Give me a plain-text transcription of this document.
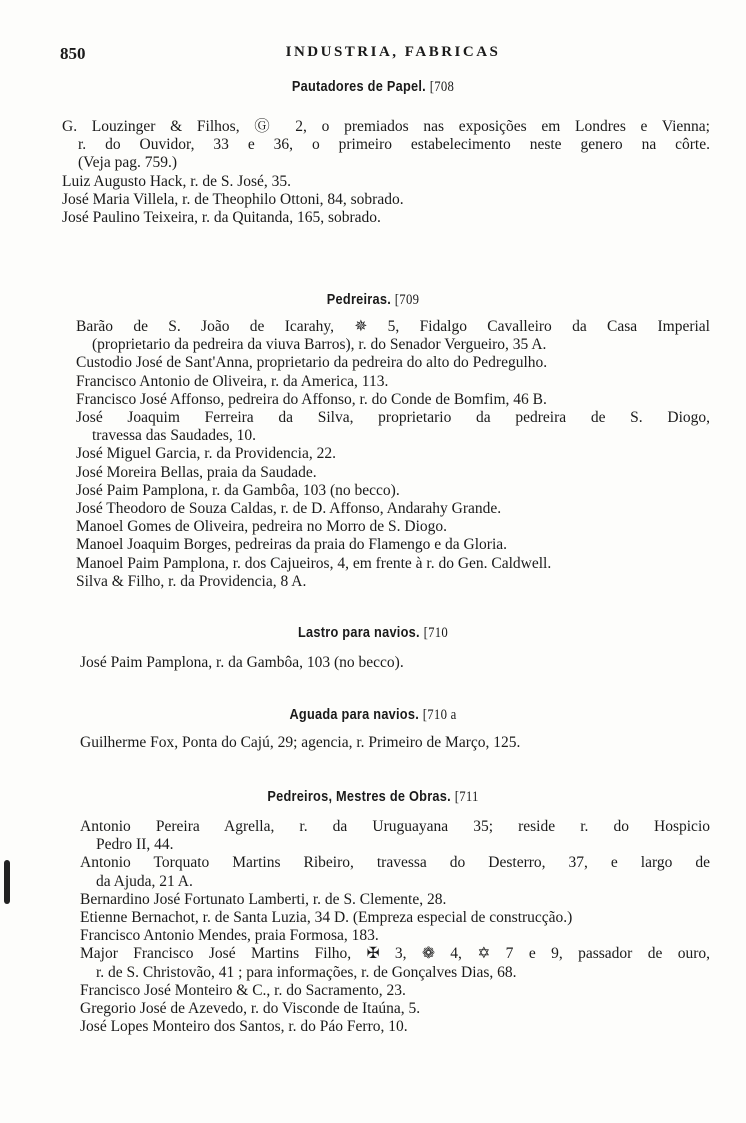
850	INDUSTRIA, FABRICAS
Pautadores de Papel. [708
G. Louzinger & Filhos, Ⓖ 2, o premiados nas exposições em Londres e Vienna;
r. do Ouvidor, 33 e 36, o primeiro estabelecimento neste genero na côrte.
(Veja pag. 759.)
Luiz Augusto Hack, r. de S. José, 35.
José Maria Villela, r. de Theophilo Ottoni, 84, sobrado.
José Paulino Teixeira, r. da Quitanda, 165, sobrado.
Pedreiras. [709
Barão de S. João de Icarahy, ✵ 5, Fidalgo Cavalleiro da Casa Imperial
(proprietario da pedreira da viuva Barros), r. do Senador Vergueiro, 35 A.
Custodio José de Sant'Anna, proprietario da pedreira do alto do Pedregulho.
Francisco Antonio de Oliveira, r. da America, 113.
Francisco José Affonso, pedreira do Affonso, r. do Conde de Bomfim, 46 B.
José Joaquim Ferreira da Silva, proprietario da pedreira de S. Diogo,
travessa das Saudades, 10.
José Miguel Garcia, r. da Providencia, 22.
José Moreira Bellas, praia da Saudade.
José Paim Pamplona, r. da Gambôa, 103 (no becco).
José Theodoro de Souza Caldas, r. de D. Affonso, Andarahy Grande.
Manoel Gomes de Oliveira, pedreira no Morro de S. Diogo.
Manoel Joaquim Borges, pedreiras da praia do Flamengo e da Gloria.
Manoel Paim Pamplona, r. dos Cajueiros, 4, em frente à r. do Gen. Caldwell.
Silva & Filho, r. da Providencia, 8 A.
Lastro para navios. [710
José Paim Pamplona, r. da Gambôa, 103 (no becco).
Aguada para navios. [710 a
Guilherme Fox, Ponta do Cajú, 29; agencia, r. Primeiro de Março, 125.
Pedreiros, Mestres de Obras. [711
Antonio Pereira Agrella, r. da Uruguayana 35; reside r. do Hospicio
Pedro II, 44.
Antonio Torquato Martins Ribeiro, travessa do Desterro, 37, e largo de
da Ajuda, 21 A.
Bernardino José Fortunato Lamberti, r. de S. Clemente, 28.
Etienne Bernachot, r. de Santa Luzia, 34 D. (Empreza especial de construcção.)
Francisco Antonio Mendes, praia Formosa, 183.
Major Francisco José Martins Filho, ✠ 3, ❁ 4, ✡ 7 e 9, passador de ouro,
r. de S. Christovão, 41 ; para informações, r. de Gonçalves Dias, 68.
Francisco José Monteiro & C., r. do Sacramento, 23.
Gregorio José de Azevedo, r. do Visconde de Itaúna, 5.
José Lopes Monteiro dos Santos, r. do Páo Ferro, 10.
